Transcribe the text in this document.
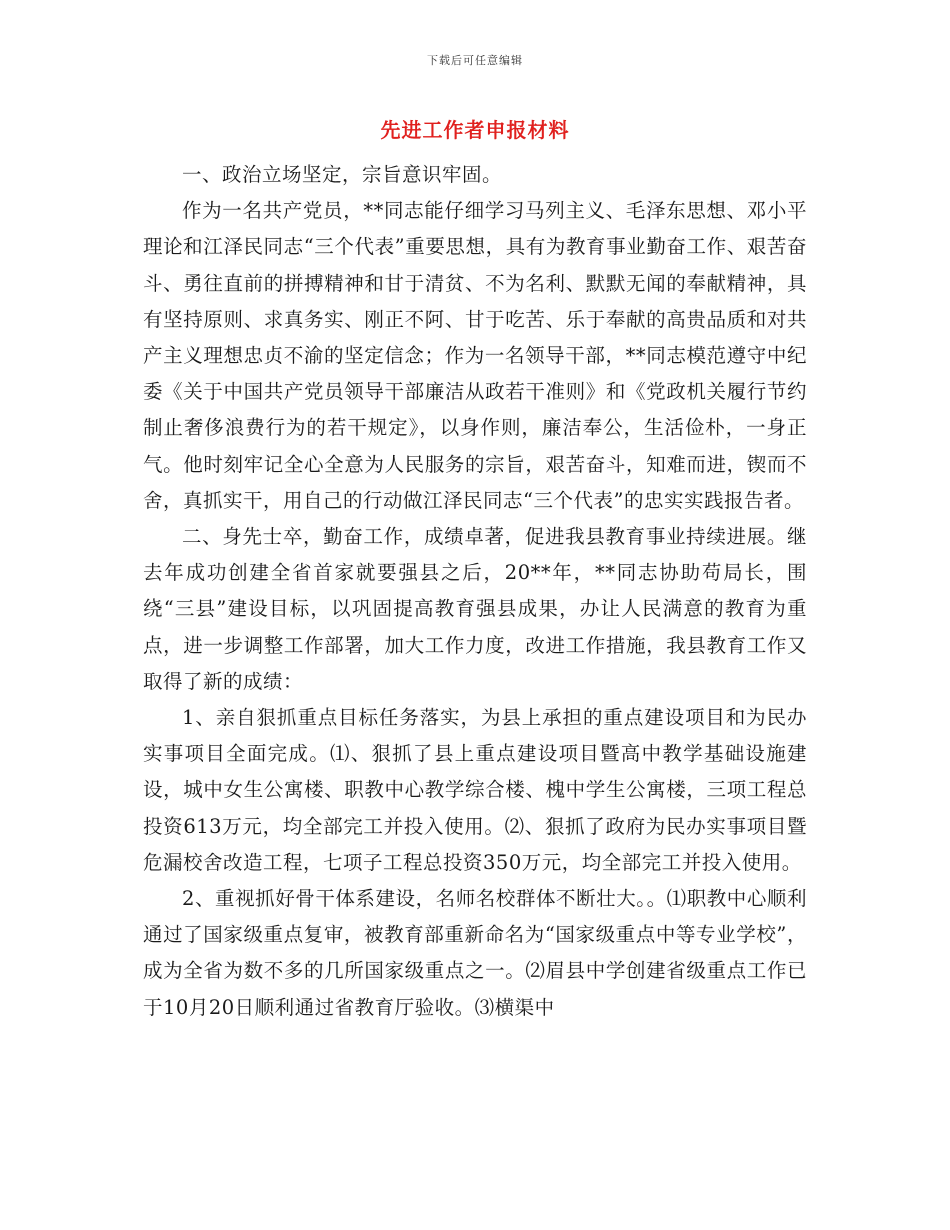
下载后可任意编辑
先进工作者申报材料

一、政治立场坚定，宗旨意识牢固。

作为一名共产党员，**同志能仔细学习马列主义、毛泽东思想、邓小平理论和江泽民同志“三个代表”重要思想，具有为教育事业勤奋工作、艰苦奋斗、勇往直前的拼搏精神和甘于清贫、不为名利、默默无闻的奉献精神，具有坚持原则、求真务实、刚正不阿、甘于吃苦、乐于奉献的高贵品质和对共产主义理想忠贞不渝的坚定信念；作为一名领导干部，**同志模范遵守中纪委《关于中国共产党员领导干部廉洁从政若干准则》和《党政机关履行节约制止奢侈浪费行为的若干规定》，以身作则，廉洁奉公，生活俭朴，一身正气。他时刻牢记全心全意为人民服务的宗旨，艰苦奋斗，知难而进，锲而不舍，真抓实干，用自己的行动做江泽民同志“三个代表”的忠实实践报告者。

二、身先士卒，勤奋工作，成绩卓著，促进我县教育事业持续进展。继去年成功创建全省首家就要强县之后，20**年，**同志协助苟局长，围绕“三县”建设目标，以巩固提高教育强县成果，办让人民满意的教育为重点，进一步调整工作部署，加大工作力度，改进工作措施，我县教育工作又取得了新的成绩：

1、亲自狠抓重点目标任务落实，为县上承担的重点建设项目和为民办实事项目全面完成。⑴、狠抓了县上重点建设项目暨高中教学基础设施建设，城中女生公寓楼、职教中心教学综合楼、槐中学生公寓楼，三项工程总投资613万元，均全部完工并投入使用。⑵、狠抓了政府为民办实事项目暨危漏校舍改造工程，七项子工程总投资350万元，均全部完工并投入使用。

2、重视抓好骨干体系建设，名师名校群体不断壮大。。⑴职教中心顺利通过了国家级重点复审，被教育部重新命名为“国家级重点中等专业学校”，成为全省为数不多的几所国家级重点之一。⑵眉县中学创建省级重点工作已于10月20日顺利通过省教育厅验收。⑶横渠中
